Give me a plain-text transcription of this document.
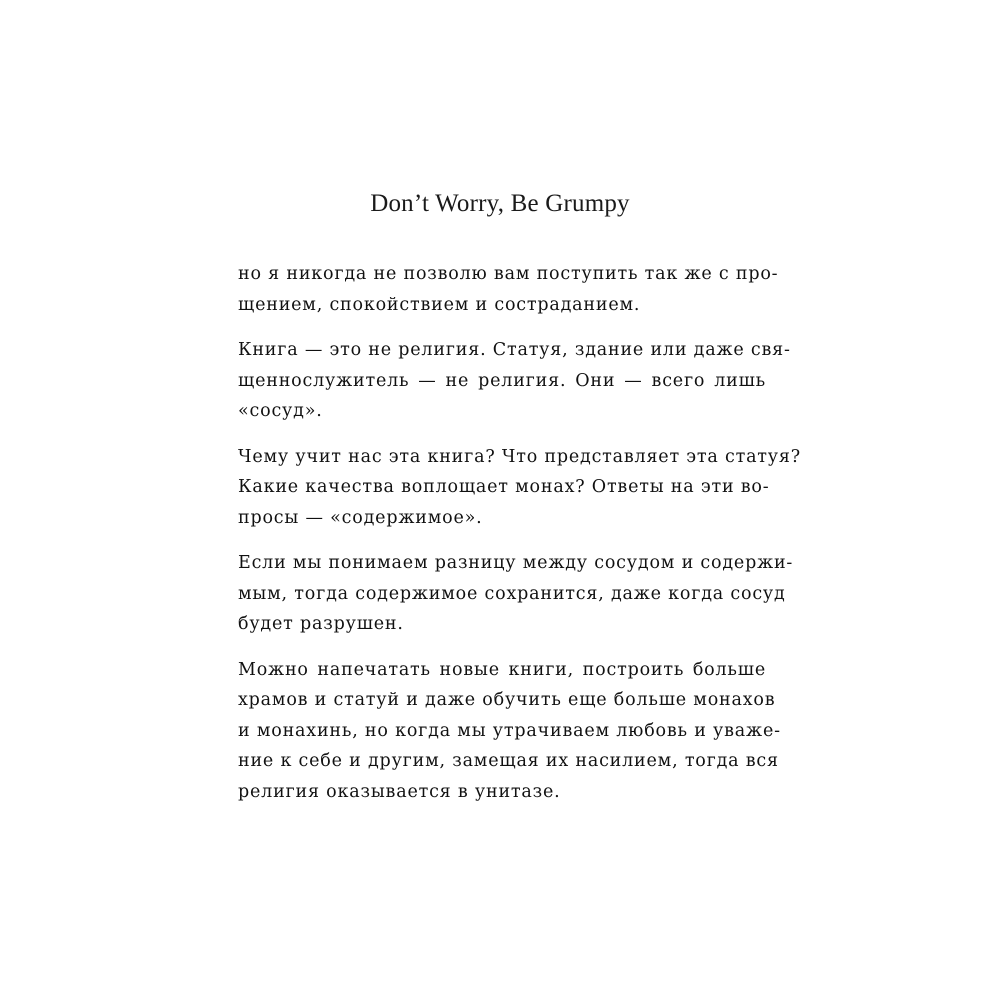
Don’t Worry, Be Grumpy

но я никогда не позволю вам поступить так же с про-
щением, спокойствием и состраданием.

Книга — это не религия. Статуя, здание или даже свя-
щеннослужитель — не религия. Они — всего лишь
«сосуд».

Чему учит нас эта книга? Что представляет эта статуя?
Какие качества воплощает монах? Ответы на эти во-
просы — «содержимое».

Если мы понимаем разницу между сосудом и содержи-
мым, тогда содержимое сохранится, даже когда сосуд
будет разрушен.

Можно напечатать новые книги, построить больше
храмов и статуй и даже обучить еще больше монахов
и монахинь, но когда мы утрачиваем любовь и уваже-
ние к себе и другим, замещая их насилием, тогда вся
религия оказывается в унитазе.
